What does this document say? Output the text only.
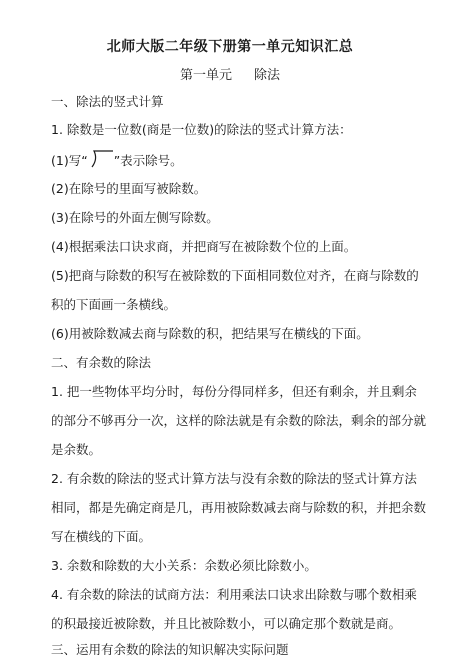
北师大版二年级下册第一单元知识汇总
第一单元 除法
一、除法的竖式计算
1. 除数是一位数(商是一位数)的除法的竖式计算方法：
(1)写“ ”表示除号。
(2)在除号的里面写被除数。
(3)在除号的外面左侧写除数。
(4)根据乘法口诀求商，并把商写在被除数个位的上面。
(5)把商与除数的积写在被除数的下面相同数位对齐，在商与除数的
积的下面画一条横线。
(6)用被除数减去商与除数的积，把结果写在横线的下面。
二、有余数的除法
1. 把一些物体平均分时，每份分得同样多，但还有剩余，并且剩余
的部分不够再分一次，这样的除法就是有余数的除法，剩余的部分就
是余数。
2. 有余数的除法的竖式计算方法与没有余数的除法的竖式计算方法
相同，都是先确定商是几，再用被除数减去商与除数的积，并把余数
写在横线的下面。
3. 余数和除数的大小关系：余数必须比除数小。
4. 有余数的除法的试商方法：利用乘法口诀求出除数与哪个数相乘
的积最接近被除数，并且比被除数小，可以确定那个数就是商。
三、运用有余数的除法的知识解决实际问题
